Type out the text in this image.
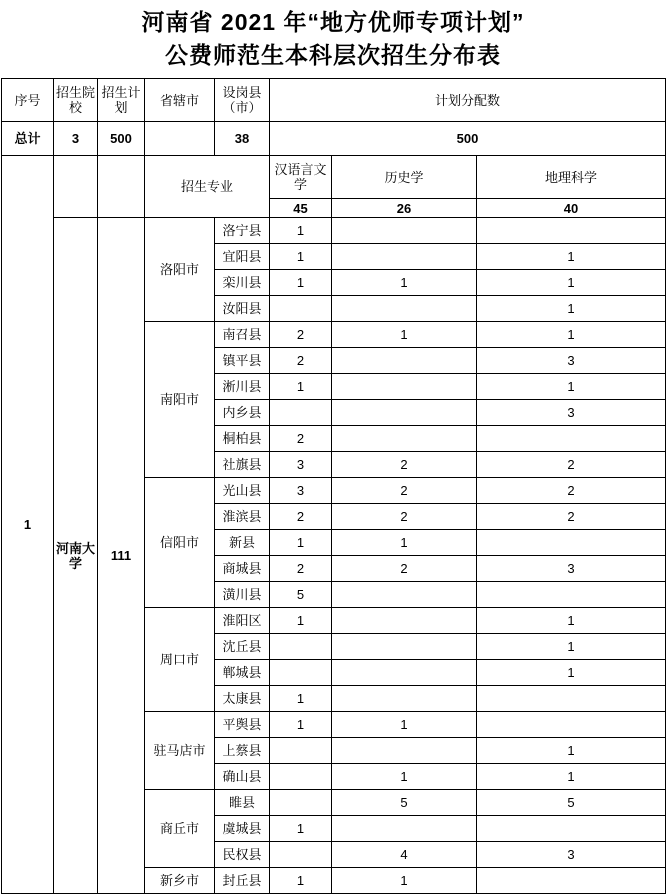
河南省 2021 年“地方优师专项计划”
公费师范生本科层次招生分布表
序号	招生院校	招生计划	省辖市	设岗县（市）	计划分配数		
总计	3	500		38	500		
1			招生专业		汉语言文学	历史学	地理科学
					45	26	40
	河南大学	111	洛阳市	洛宁县	1		
				宜阳县	1		1
				栾川县	1	1	1
				汝阳县			1
			南阳市	南召县	2	1	1
				镇平县	2		3
				淅川县	1		1
				内乡县			3
				桐柏县	2		
				社旗县	3	2	2
			信阳市	光山县	3	2	2
				淮滨县	2	2	2
				新县	1	1	
				商城县	2	2	3
				潢川县	5		
			周口市	淮阳区	1		1
				沈丘县			1
				郸城县			1
				太康县	1		
			驻马店市	平舆县	1	1	
				上蔡县			1
				确山县		1	1
			商丘市	睢县		5	5
				虞城县	1		
				民权县		4	3
			新乡市	封丘县	1	1	
